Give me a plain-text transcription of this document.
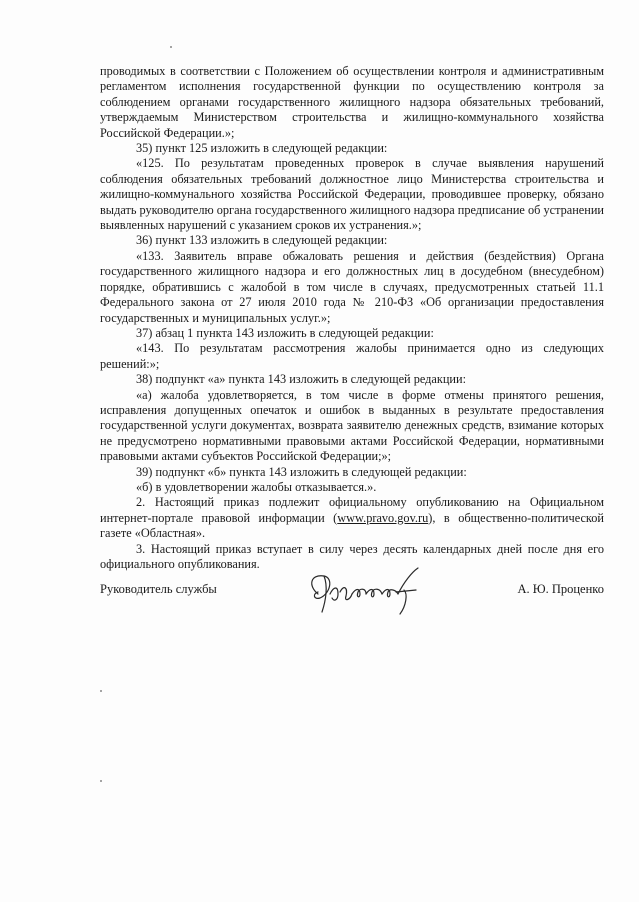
проводимых в соответствии с Положением об осуществлении контроля и административным регламентом исполнения государственной функции по осуществлению контроля за соблюдением органами государственного жилищного надзора обязательных требований, утверждаемым Министерством строительства и жилищно-коммунального хозяйства Российской Федерации.»;

35) пункт 125 изложить в следующей редакции:

«125. По результатам проведенных проверок в случае выявления нарушений соблюдения обязательных требований должностное лицо Министерства строительства и жилищно-коммунального хозяйства Российской Федерации, проводившее проверку, обязано выдать руководителю органа государственного жилищного надзора предписание об устранении выявленных нарушений с указанием сроков их устранения.»;

36) пункт 133 изложить в следующей редакции:

«133. Заявитель вправе обжаловать решения и действия (бездействия) Органа государственного жилищного надзора и его должностных лиц в досудебном (внесудебном) порядке, обратившись с жалобой в том числе в случаях, предусмотренных статьей 11.1 Федерального закона от 27 июля 2010 года № 210-ФЗ «Об организации предоставления государственных и муниципальных услуг.»;

37) абзац 1 пункта 143 изложить в следующей редакции:

«143. По результатам рассмотрения жалобы принимается одно из следующих решений:»;

38) подпункт «а» пункта 143 изложить в следующей редакции:

«а) жалоба удовлетворяется, в том числе в форме отмены принятого решения, исправления допущенных опечаток и ошибок в выданных в результате предоставления государственной услуги документах, возврата заявителю денежных средств, взимание которых не предусмотрено нормативными правовыми актами Российской Федерации, нормативными правовыми актами субъектов Российской Федерации;»;

39) подпункт «б» пункта 143 изложить в следующей редакции:

«б) в удовлетворении жалобы отказывается.».

2. Настоящий приказ подлежит официальному опубликованию на Официальном интернет-портале правовой информации (www.pravo.gov.ru), в общественно-политической газете «Областная».

3. Настоящий приказ вступает в силу через десять календарных дней после дня его официального опубликования.

Руководитель службы	А. Ю. Проценко
